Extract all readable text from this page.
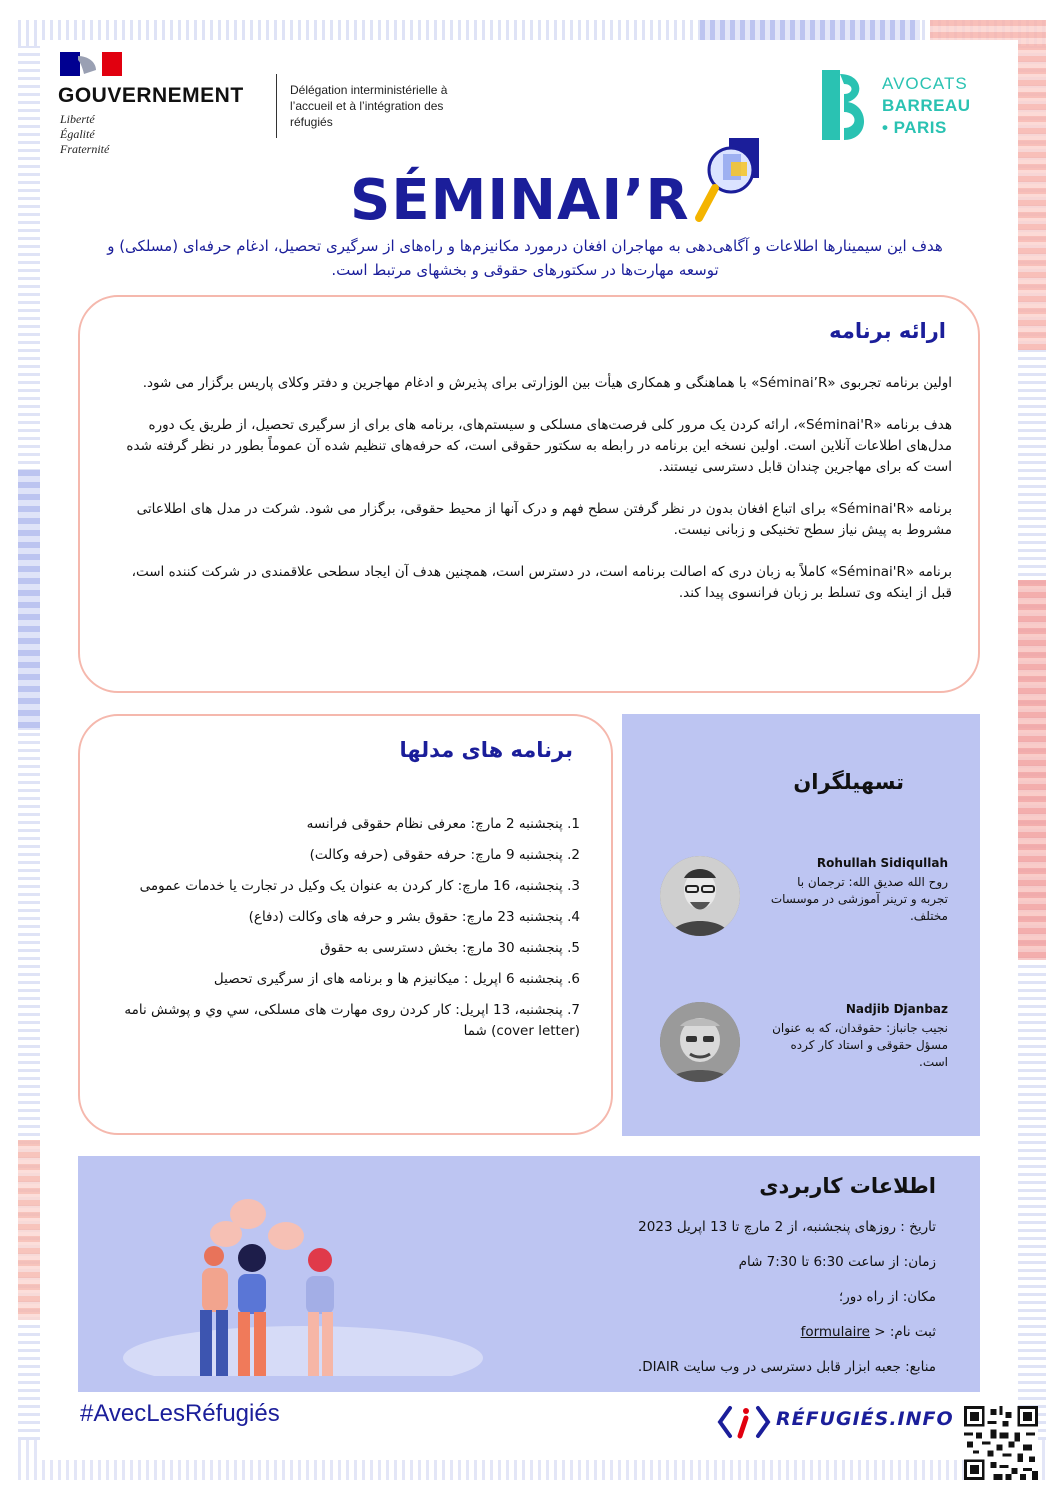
GOUVERNEMENT
Liberté
Égalité
Fraternité
Délégation interministérielle à
l’accueil et à l’intégration des
réfugiés
AVOCATS
BARREAU
• PARIS
SÉMINAI’R
هدف این سیمینارها اطلاعات و آگاهی‌دهی به مهاجران افغان درمورد مکانیزم‌ها و راه‌های از سرگیری تحصیل، ادغام حرفه‌ای (مسلکی) و توسعه مهارت‌ها در سکتورهای حقوقی و بخشهای مرتبط است.
ارائه برنامه

اولین برنامه تجربوی «Séminai’R» با هماهنگی و همکاری هیأت بین الوزارتی برای پذیرش و ادغام مهاجرین و دفتر وکلای پاریس برگزار می شود.

هدف برنامه «Séminai'R»، ارائه کردن یک مرور کلی فرصت‌های مسلکی و سیستم‌های، برنامه های برای از سرگیری تحصیل، از طریق یک دوره مدل‌های اطلاعات آنلاین است. اولین نسخه این برنامه در رابطه به سکتور حقوقی است، که حرفه‌های تنظیم شده آن عموماً بطور در نظر گرفته شده است که برای مهاجرین چندان قابل دسترسی نیستند.

برنامه «Séminai'R» برای اتباع افغان بدون در نظر گرفتن سطح فهم و درک آنها از محیط حقوقی، برگزار می شود. شرکت در مدل های اطلاعاتی مشروط به پیش نیاز سطح تخنیکی و زبانی نیست.

برنامه «Séminai'R» کاملاً به زبان دری که اصالت برنامه است، در دسترس است، همچنین هدف آن ایجاد سطحی علاقمندی در شرکت کننده است، قبل از اینکه وی تسلط بر زبان فرانسوی پیدا کند.

برنامه های مدلها
1. پنجشنبه 2 مارچ: معرفی نظام حقوقی فرانسه
2. پنجشنبه 9 مارچ: حرفه حقوقی (حرفه وکالت)
3. پنجشنبه، 16 مارچ: کار کردن به عنوان یک وکیل در تجارت یا خدمات عمومی
4. پنجشنبه 23 مارچ: حقوق بشر و حرفه های وکالت (دفاع)
5. پنجشنبه 30 مارچ: بخش دسترسی به حقوق
6. پنجشنبه 6 اپریل : میکانیزم ها و برنامه های از سرگیری تحصیل
7. پنجشنبه، 13 اپریل: کار کردن روی مهارت های مسلکی، سي وي و پوشش نامه (cover letter) شما
تسهیلگران
Rohullah Sidiqullah
روح الله صدیق الله: ترجمان با تجربه و ترینر آموزشی در موسسات مختلف.
Nadjib Djanbaz
نجیب جانباز: حقوقدان، که به عنوان مسؤل حقوقی و استاد کار کرده است.
اطلاعات کاربردی
تاریخ : روزهای پنجشنبه، از 2 مارچ تا 13 اپریل 2023
زمان: از ساعت 6:30 تا 7:30 شام
مکان: از راه دور؛
ثبت نام: < formulaire
منابع: جعبه ابزار قابل دسترسی در وب سایت DIAIR.
#AvecLesRéfugiés	RÉFUGIÉS.INFO
